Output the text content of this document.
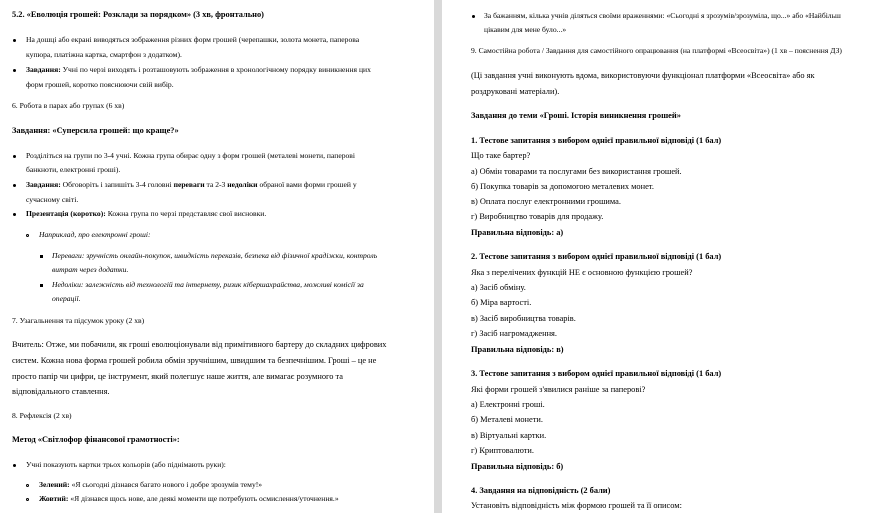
5.2. «Еволюція грошей: Розклади за порядком» (3 хв, фронтально)
На дошці або екрані виводяться зображення різних форм грошей (черепашки, золота монета, паперова
купюра, платіжна картка, смартфон з додатком).
Завдання: Учні по черзі виходять і розташовують зображення в хронологічному порядку виникнення цих
форм грошей, коротко пояснюючи свій вибір.
6. Робота в парах або групах (6 хв)
Завдання: «Суперсила грошей: що краще?»
Розділіться на групи по 3-4 учні. Кожна група обирає одну з форм грошей (металеві монети, паперові
банкноти, електронні гроші).
Завдання: Обговоріть і запишіть 3-4 головні переваги та 2-3 недоліки обраної вами форми грошей у
сучасному світі.
Презентація (коротко): Кожна група по черзі представляє свої висновки.
Наприклад, про електронні гроші:
Переваги: зручність онлайн-покупок, швидкість переказів, безпека від фізичної крадіжки, контроль
витрат через додатки.
Недоліки: залежність від технологій та інтернету, ризик кібершахрайства, можливі комісії за
операції.
7. Узагальнення та підсумок уроку (2 хв)
Вчитель: Отже, ми побачили, як гроші еволюціонували від примітивного бартеру до складних цифрових
систем. Кожна нова форма грошей робила обмін зручнішим, швидшим та безпечнішим. Гроші – це не
просто папір чи цифри, це інструмент, який полегшує наше життя, але вимагає розумного та
відповідального ставлення.
8. Рефлексія (2 хв)
Метод «Світлофор фінансової грамотності»:
Учні показують картки трьох кольорів (або піднімають руки):
Зелений: «Я сьогодні дізнався багато нового і добре зрозумів тему!»
Жовтий: «Я дізнався щось нове, але деякі моменти ще потребують осмислення/уточнення.»
За бажанням, кілька учнів діляться своїми враженнями: «Сьогодні я зрозумів/зрозуміла, що...» або «Найбільш
цікавим для мене було...»
9. Самостійна робота / Завдання для самостійного опрацювання (на платформі «Всеосвіта») (1 хв – пояснення ДЗ)
(Ці завдання учні виконують вдома, використовуючи функціонал платформи «Всеосвіта» або як
роздруковані матеріали).
Завдання до теми «Гроші. Історія виникнення грошей»
1. Тестове запитання з вибором однієї правильної відповіді (1 бал)
Що таке бартер?
а) Обмін товарами та послугами без використання грошей.
б) Покупка товарів за допомогою металевих монет.
в) Оплата послуг електронними грошима.
г) Виробництво товарів для продажу.
Правильна відповідь: а)
2. Тестове запитання з вибором однієї правильної відповіді (1 бал)
Яка з перелічених функцій НЕ є основною функцією грошей?
а) Засіб обміну.
б) Міра вартості.
в) Засіб виробництва товарів.
г) Засіб нагромадження.
Правильна відповідь: в)
3. Тестове запитання з вибором однієї правильної відповіді (1 бал)
Які форми грошей з'явилися раніше за паперові?
а) Електронні гроші.
б) Металеві монети.
в) Віртуальні картки.
г) Криптовалюти.
Правильна відповідь: б)
4. Завдання на відповідність (2 бали)
Установіть відповідність між формою грошей та її описом:
